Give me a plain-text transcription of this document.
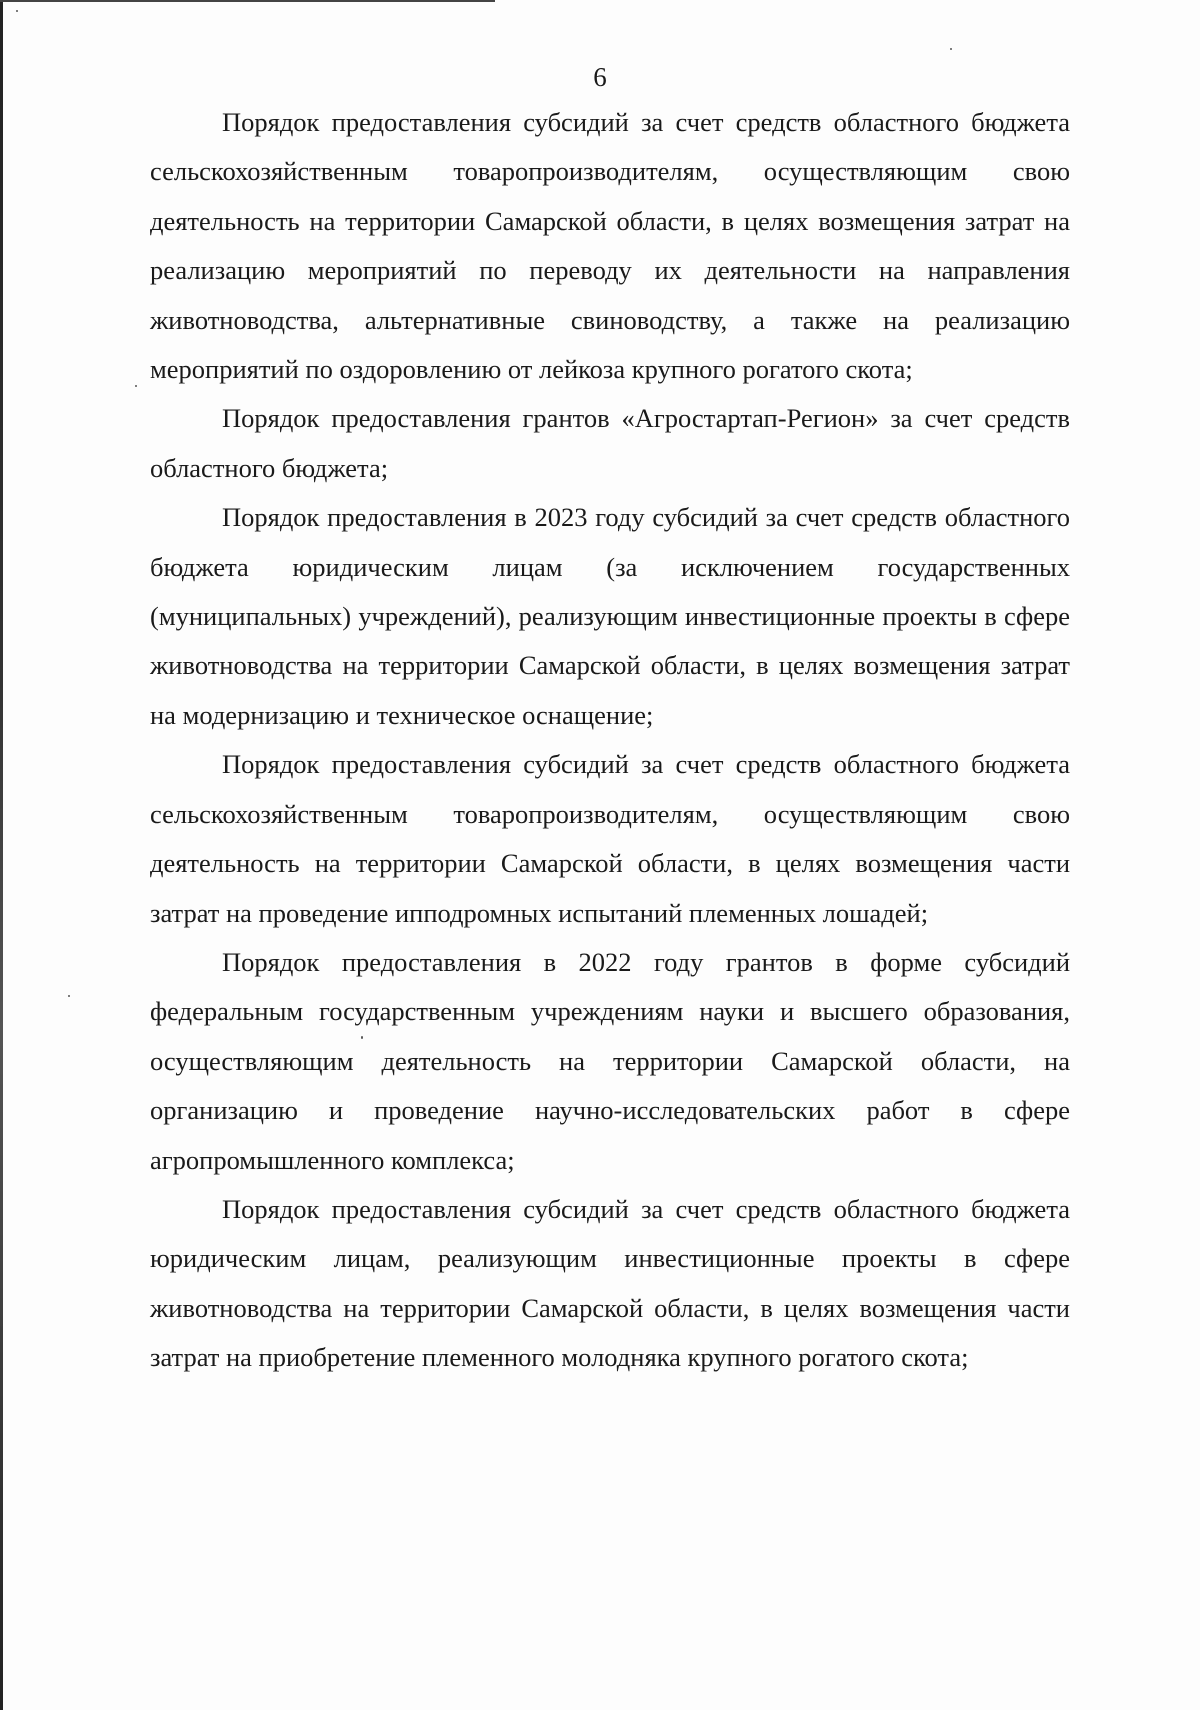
6

Порядок предоставления субсидий за счет средств областного бюджета сельскохозяйственным товаропроизводителям, осуществляющим свою деятельность на территории Самарской области, в целях возмещения затрат на реализацию мероприятий по переводу их деятельности на направления животноводства, альтернативные свиноводству, а также на реализацию мероприятий по оздоровлению от лейкоза крупного рогатого скота;

Порядок предоставления грантов «Агростартап-Регион» за счет средств областного бюджета;

Порядок предоставления в 2023 году субсидий за счет средств областного бюджета юридическим лицам (за исключением государственных (муниципальных) учреждений), реализующим инвестиционные проекты в сфере животноводства на территории Самарской области, в целях возмещения затрат на модернизацию и техническое оснащение;

Порядок предоставления субсидий за счет средств областного бюджета сельскохозяйственным товаропроизводителям, осуществляющим свою деятельность на территории Самарской области, в целях возмещения части затрат на проведение ипподромных испытаний племенных лошадей;

Порядок предоставления в 2022 году грантов в форме субсидий федеральным государственным учреждениям науки и высшего образования, осуществляющим деятельность на территории Самарской области, на организацию и проведение научно-исследовательских работ в сфере агропромышленного комплекса;

Порядок предоставления субсидий за счет средств областного бюджета юридическим лицам, реализующим инвестиционные проекты в сфере животноводства на территории Самарской области, в целях возмещения части затрат на приобретение племенного молодняка крупного рогатого скота;
